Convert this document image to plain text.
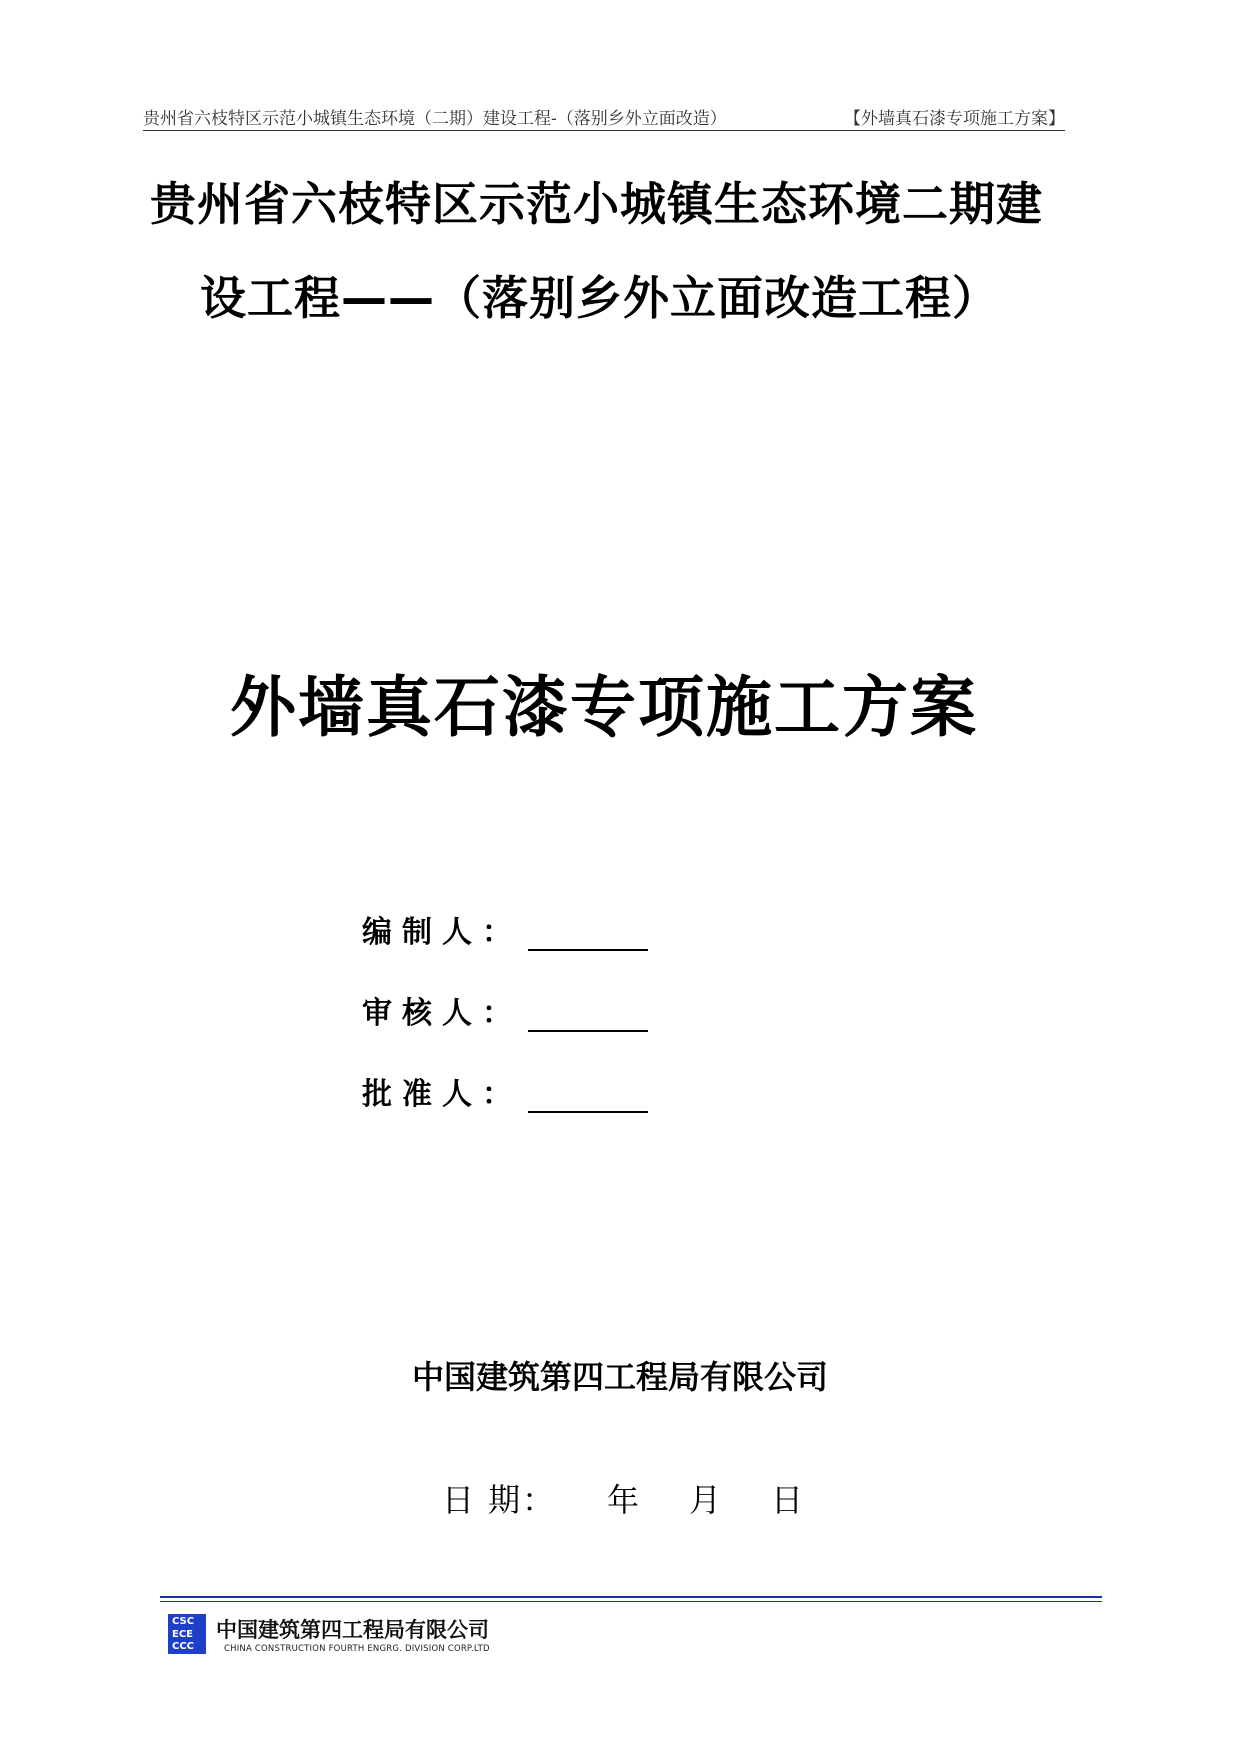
贵州省六枝特区示范小城镇生态环境（二期）建设工程-（落别乡外立面改造）	【外墙真石漆专项施工方案】
贵州省六枝特区示范小城镇生态环境二期建
设工程——（落别乡外立面改造工程）
外墙真石漆专项施工方案
编制人：
审核人：
批准人：
中国建筑第四工程局有限公司
日 期：	年	月	日
CSC
ECE
CCC
中国建筑第四工程局有限公司
CHINA CONSTRUCTION FOURTH ENGRG. DIVISION CORP.LTD
